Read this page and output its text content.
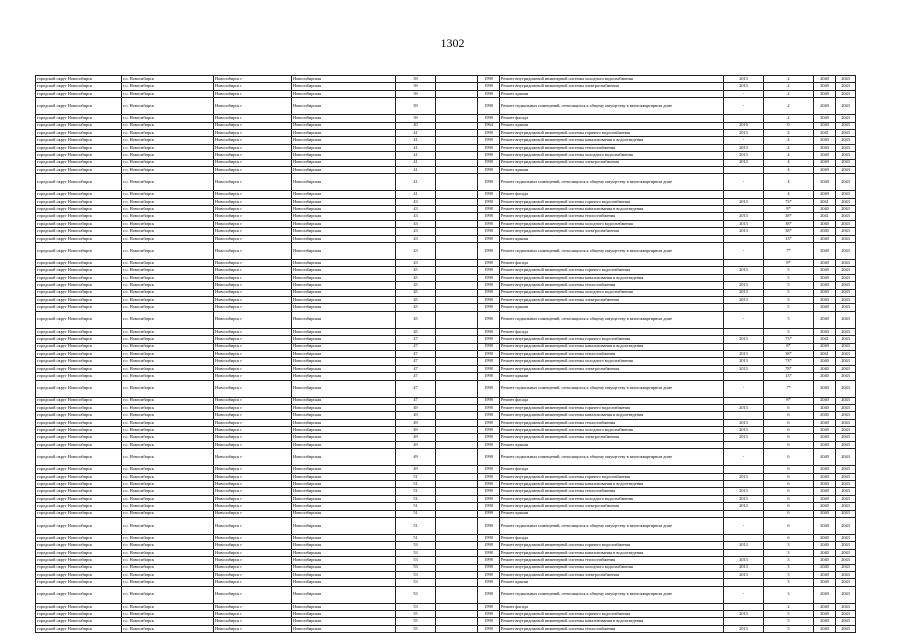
1302
городской округ Новосибирск	г.о. Новосибирск	Новосибирск г	Новосибирская	39		1998	Ремонт внутридомовой инженерной системы холодного водоснабжения	2013	2	2040	2043
городской округ Новосибирск	г.о. Новосибирск	Новосибирск г	Новосибирская	39		1998	Ремонт внутридомовой инженерной системы электроснабжения	2013	2	2040	2043
городской округ Новосибирск	г.о. Новосибирск	Новосибирск г	Новосибирская	39		1998	Ремонт крыши	-	2	2040	2043
городской округ Новосибирск	г.о. Новосибирск	Новосибирск г	Новосибирская	39		1998	Ремонт подвальных помещений, относящихся к общему имуществу в многоквартирном доме	-	2	2040	2043
городской округ Новосибирск	г.о. Новосибирск	Новосибирск г	Новосибирская	39		1998	Ремонт фасада		2	2040	2043
городской округ Новосибирск	г.о. Новосибирск	Новосибирск г	Новосибирская	40		1964	Ремонт крыши	2016	0	2040	2043
городской округ Новосибирск	г.о. Новосибирск	Новосибирск г	Новосибирская	41		1998	Ремонт внутридомовой инженерной системы горячего водоснабжения	2013	4	2041	2043
городской округ Новосибирск	г.о. Новосибирск	Новосибирск г	Новосибирская	41		1998	Ремонт внутридомовой инженерной системы канализования и водоотведения	-	4	2040	2043
городской округ Новосибирск	г.о. Новосибирск	Новосибирск г	Новосибирская	41		1998	Ремонт внутридомовой инженерной системы теплоснабжения	2013	4	2040	2043
городской округ Новосибирск	г.о. Новосибирск	Новосибирск г	Новосибирская	41		1998	Ремонт внутридомовой инженерной системы холодного водоснабжения	2013	4	2040	2043
городской округ Новосибирск	г.о. Новосибирск	Новосибирск г	Новосибирская	41		1998	Ремонт внутридомовой инженерной системы электроснабжения	2013	4	2040	2043
городской округ Новосибирск	г.о. Новосибирск	Новосибирск г	Новосибирская	41		1998	Ремонт крыши		4	2040	2043
городской округ Новосибирск	г.о. Новосибирск	Новосибирск г	Новосибирская	41		1998	Ремонт подвальных помещений, относящихся к общему имуществу в многоквартирном доме	-	4	2040	2043
городской округ Новосибирск	г.о. Новосибирск	Новосибирск г	Новосибирская	41		1998	Ремонт фасада		4	2040	2043
городской округ Новосибирск	г.о. Новосибирск	Новосибирск г	Новосибирская	43		1998	Ремонт внутридомовой инженерной системы горячего водоснабжения	2013	73*	2041	2043
городской округ Новосибирск	г.о. Новосибирск	Новосибирск г	Новосибирская	43		1998	Ремонт внутридомовой инженерной системы канализования и водоотведения		8*	2040	2043
городской округ Новосибирск	г.о. Новосибирск	Новосибирск г	Новосибирская	43		1998	Ремонт внутридомовой инженерной системы теплоснабжения	2013	38*	2041	2043
городской округ Новосибирск	г.о. Новосибирск	Новосибирск г	Новосибирская	43		1998	Ремонт внутридомовой инженерной системы холодного водоснабжения	2013	38*	2040	2043
городской округ Новосибирск	г.о. Новосибирск	Новосибирск г	Новосибирская	43		1998	Ремонт внутридомовой инженерной системы электроснабжения	2013	38*	2040	2043
городской округ Новосибирск	г.о. Новосибирск	Новосибирск г	Новосибирская	43		1998	Ремонт крыши		13*	2040	2043
городской округ Новосибирск	г.о. Новосибирск	Новосибирск г	Новосибирская	43		1998	Ремонт подвальных помещений, относящихся к общему имуществу в многоквартирном доме	-	7*	2040	2043
городской округ Новосибирск	г.о. Новосибирск	Новосибирск г	Новосибирская	43		1998	Ремонт фасада		8*	2040	2043
городской округ Новосибирск	г.о. Новосибирск	Новосибирск г	Новосибирская	45		1998	Ремонт внутридомовой инженерной системы горячего водоснабжения	2013	5	2040	2043
городской округ Новосибирск	г.о. Новосибирск	Новосибирск г	Новосибирская	45		1998	Ремонт внутридомовой инженерной системы канализования и водоотведения		5	2040	2043
городской округ Новосибирск	г.о. Новосибирск	Новосибирск г	Новосибирская	45		1998	Ремонт внутридомовой инженерной системы теплоснабжения	2013	5	2040	2043
городской округ Новосибирск	г.о. Новосибирск	Новосибирск г	Новосибирская	45		1998	Ремонт внутридомовой инженерной системы холодного водоснабжения	2013	5	2040	2043
городской округ Новосибирск	г.о. Новосибирск	Новосибирск г	Новосибирская	45		1998	Ремонт внутридомовой инженерной системы электроснабжения	2013	5	2040	2043
городской округ Новосибирск	г.о. Новосибирск	Новосибирск г	Новосибирская	45		1998	Ремонт крыши		5	2040	2043
городской округ Новосибирск	г.о. Новосибирск	Новосибирск г	Новосибирская	45		1998	Ремонт подвальных помещений, относящихся к общему имуществу в многоквартирном доме	-	5	2040	2043
городской округ Новосибирск	г.о. Новосибирск	Новосибирск г	Новосибирская	45		1998	Ремонт фасада		5	2040	2043
городской округ Новосибирск	г.о. Новосибирск	Новосибирск г	Новосибирская	47		1998	Ремонт внутридомовой инженерной системы горячего водоснабжения	2013	73*	2041	2043
городской округ Новосибирск	г.о. Новосибирск	Новосибирск г	Новосибирская	47		1998	Ремонт внутридомовой инженерной системы канализования и водоотведения		8*	2040	2043
городской округ Новосибирск	г.о. Новосибирск	Новосибирск г	Новосибирская	47		1998	Ремонт внутридомовой инженерной системы теплоснабжения	2013	38*	2041	2043
городской округ Новосибирск	г.о. Новосибирск	Новосибирск г	Новосибирская	47		1998	Ремонт внутридомовой инженерной системы холодного водоснабжения	2013	73*	2040	2043
городской округ Новосибирск	г.о. Новосибирск	Новосибирск г	Новосибирская	47		1998	Ремонт внутридомовой инженерной системы электроснабжения	2013	78*	2040	2043
городской округ Новосибирск	г.о. Новосибирск	Новосибирск г	Новосибирская	47		1998	Ремонт крыши		13*	2040	2043
городской округ Новосибирск	г.о. Новосибирск	Новосибирск г	Новосибирская	47		1998	Ремонт подвальных помещений, относящихся к общему имуществу в многоквартирном доме	-	7*	2040	2043
городской округ Новосибирск	г.о. Новосибирск	Новосибирск г	Новосибирская	47		1998	Ремонт фасада		8*	2040	2043
городской округ Новосибирск	г.о. Новосибирск	Новосибирск г	Новосибирская	49		1998	Ремонт внутридомовой инженерной системы горячего водоснабжения	2013	6	2040	2043
городской округ Новосибирск	г.о. Новосибирск	Новосибирск г	Новосибирская	49		1998	Ремонт внутридомовой инженерной системы канализования и водоотведения		6	2040	2043
городской округ Новосибирск	г.о. Новосибирск	Новосибирск г	Новосибирская	49		1998	Ремонт внутридомовой инженерной системы теплоснабжения	2013	6	2040	2043
городской округ Новосибирск	г.о. Новосибирск	Новосибирск г	Новосибирская	49		1998	Ремонт внутридомовой инженерной системы холодного водоснабжения	2013	6	2040	2043
городской округ Новосибирск	г.о. Новосибирск	Новосибирск г	Новосибирская	49		1998	Ремонт внутридомовой инженерной системы электроснабжения	2013	6	2040	2043
городской округ Новосибирск	г.о. Новосибирск	Новосибирск г	Новосибирская	49		1998	Ремонт крыши		6	2040	2043
городской округ Новосибирск	г.о. Новосибирск	Новосибирск г	Новосибирская	49		1998	Ремонт подвальных помещений, относящихся к общему имуществу в многоквартирном доме	-	6	2040	2043
городской округ Новосибирск	г.о. Новосибирск	Новосибирск г	Новосибирская	49		1998	Ремонт фасада		6	2040	2043
городской округ Новосибирск	г.о. Новосибирск	Новосибирск г	Новосибирская	51		1998	Ремонт внутридомовой инженерной системы горячего водоснабжения	2013	6	2040	2043
городской округ Новосибирск	г.о. Новосибирск	Новосибирск г	Новосибирская	51		1998	Ремонт внутридомовой инженерной системы канализования и водоотведения		6	2040	2043
городской округ Новосибирск	г.о. Новосибирск	Новосибирск г	Новосибирская	51		1998	Ремонт внутридомовой инженерной системы теплоснабжения	2013	6	2040	2043
городской округ Новосибирск	г.о. Новосибирск	Новосибирск г	Новосибирская	51		1998	Ремонт внутридомовой инженерной системы холодного водоснабжения	2013	6	2040	2043
городской округ Новосибирск	г.о. Новосибирск	Новосибирск г	Новосибирская	51		1998	Ремонт внутридомовой инженерной системы электроснабжения	2013	6	2040	2043
городской округ Новосибирск	г.о. Новосибирск	Новосибирск г	Новосибирская	51		1998	Ремонт крыши		6	2040	2043
городской округ Новосибирск	г.о. Новосибирск	Новосибирск г	Новосибирская	51		1998	Ремонт подвальных помещений, относящихся к общему имуществу в многоквартирном доме	-	6	2040	2043
городской округ Новосибирск	г.о. Новосибирск	Новосибирск г	Новосибирская	51		1998	Ремонт фасада		6	2040	2043
городской округ Новосибирск	г.о. Новосибирск	Новосибирск г	Новосибирская	53		1998	Ремонт внутридомовой инженерной системы горячего водоснабжения	2013	3	2040	2043
городской округ Новосибирск	г.о. Новосибирск	Новосибирск г	Новосибирская	53		1998	Ремонт внутридомовой инженерной системы канализования и водоотведения		3	2040	2043
городской округ Новосибирск	г.о. Новосибирск	Новосибирск г	Новосибирская	53		1998	Ремонт внутридомовой инженерной системы теплоснабжения	2013	3	2040	2043
городской округ Новосибирск	г.о. Новосибирск	Новосибирск г	Новосибирская	53		1998	Ремонт внутридомовой инженерной системы холодного водоснабжения	2013	3	2040	2043
городской округ Новосибирск	г.о. Новосибирск	Новосибирск г	Новосибирская	53		1998	Ремонт внутридомовой инженерной системы электроснабжения	2013	3	2040	2043
городской округ Новосибирск	г.о. Новосибирск	Новосибирск г	Новосибирская	53		1998	Ремонт крыши		3	2040	2043
городской округ Новосибирск	г.о. Новосибирск	Новосибирск г	Новосибирская	53		1998	Ремонт подвальных помещений, относящихся к общему имуществу в многоквартирном доме	-	3	2040	2043
городской округ Новосибирск	г.о. Новосибирск	Новосибирск г	Новосибирская	53		1998	Ремонт фасада		2	2040	2043
городской округ Новосибирск	г.о. Новосибирск	Новосибирск г	Новосибирская	55		1998	Ремонт внутридомовой инженерной системы горячего водоснабжения	2013	5	2040	2043
городской округ Новосибирск	г.о. Новосибирск	Новосибирск г	Новосибирская	55		1998	Ремонт внутридомовой инженерной системы канализования и водоотведения		5	2040	2043
городской округ Новосибирск	г.о. Новосибирск	Новосибирск г	Новосибирская	55		1998	Ремонт внутридомовой инженерной системы теплоснабжения	2013	5	2040	2043
